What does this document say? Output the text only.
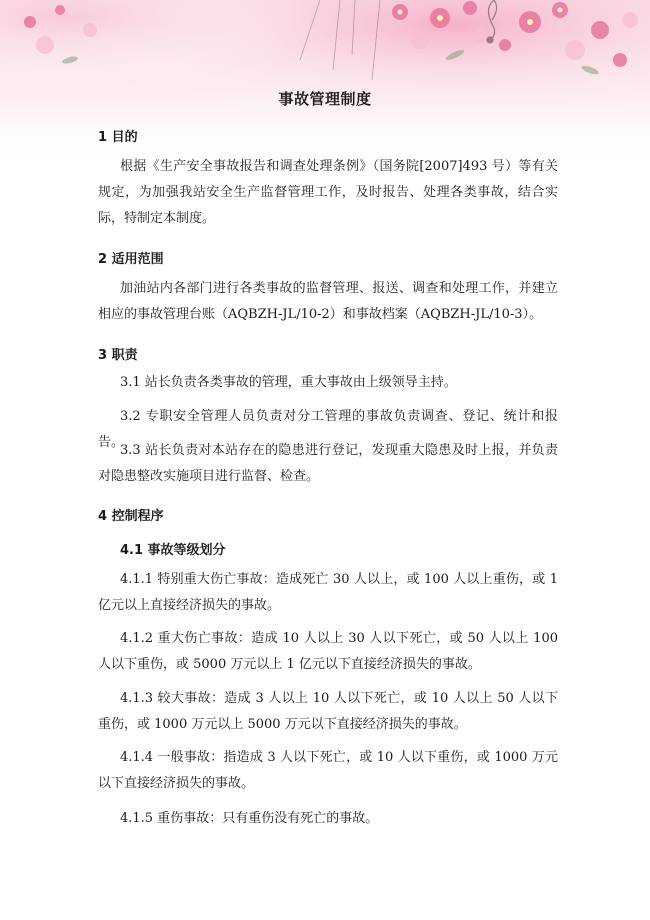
事故管理制度
1 目的
根据《生产安全事故报告和调查处理条例》（国务院[2007]493 号）等有关规定，为加强我站安全生产监督管理工作，及时报告、处理各类事故，结合实际，特制定本制度。
2 适用范围
加油站内各部门进行各类事故的监督管理、报送、调查和处理工作，并建立相应的事故管理台账（AQBZH-JL/10-2）和事故档案（AQBZH-JL/10-3）。
3 职责
3.1 站长负责各类事故的管理，重大事故由上级领导主持。
3.2 专职安全管理人员负责对分工管理的事故负责调查、登记、统计和报告。
3.3 站长负责对本站存在的隐患进行登记，发现重大隐患及时上报，并负责对隐患整改实施项目进行监督、检查。
4 控制程序
4.1 事故等级划分
4.1.1 特别重大伤亡事故：造成死亡 30 人以上，或 100 人以上重伤，或 1 亿元以上直接经济损失的事故。
4.1.2 重大伤亡事故：造成 10 人以上 30 人以下死亡，或 50 人以上 100 人以下重伤，或 5000 万元以上 1 亿元以下直接经济损失的事故。
4.1.3 较大事故：造成 3 人以上 10 人以下死亡，或 10 人以上 50 人以下重伤，或 1000 万元以上 5000 万元以下直接经济损失的事故。
4.1.4 一般事故：指造成 3 人以下死亡，或 10 人以下重伤，或 1000 万元以下直接经济损失的事故。
4.1.5 重伤事故：只有重伤没有死亡的事故。
